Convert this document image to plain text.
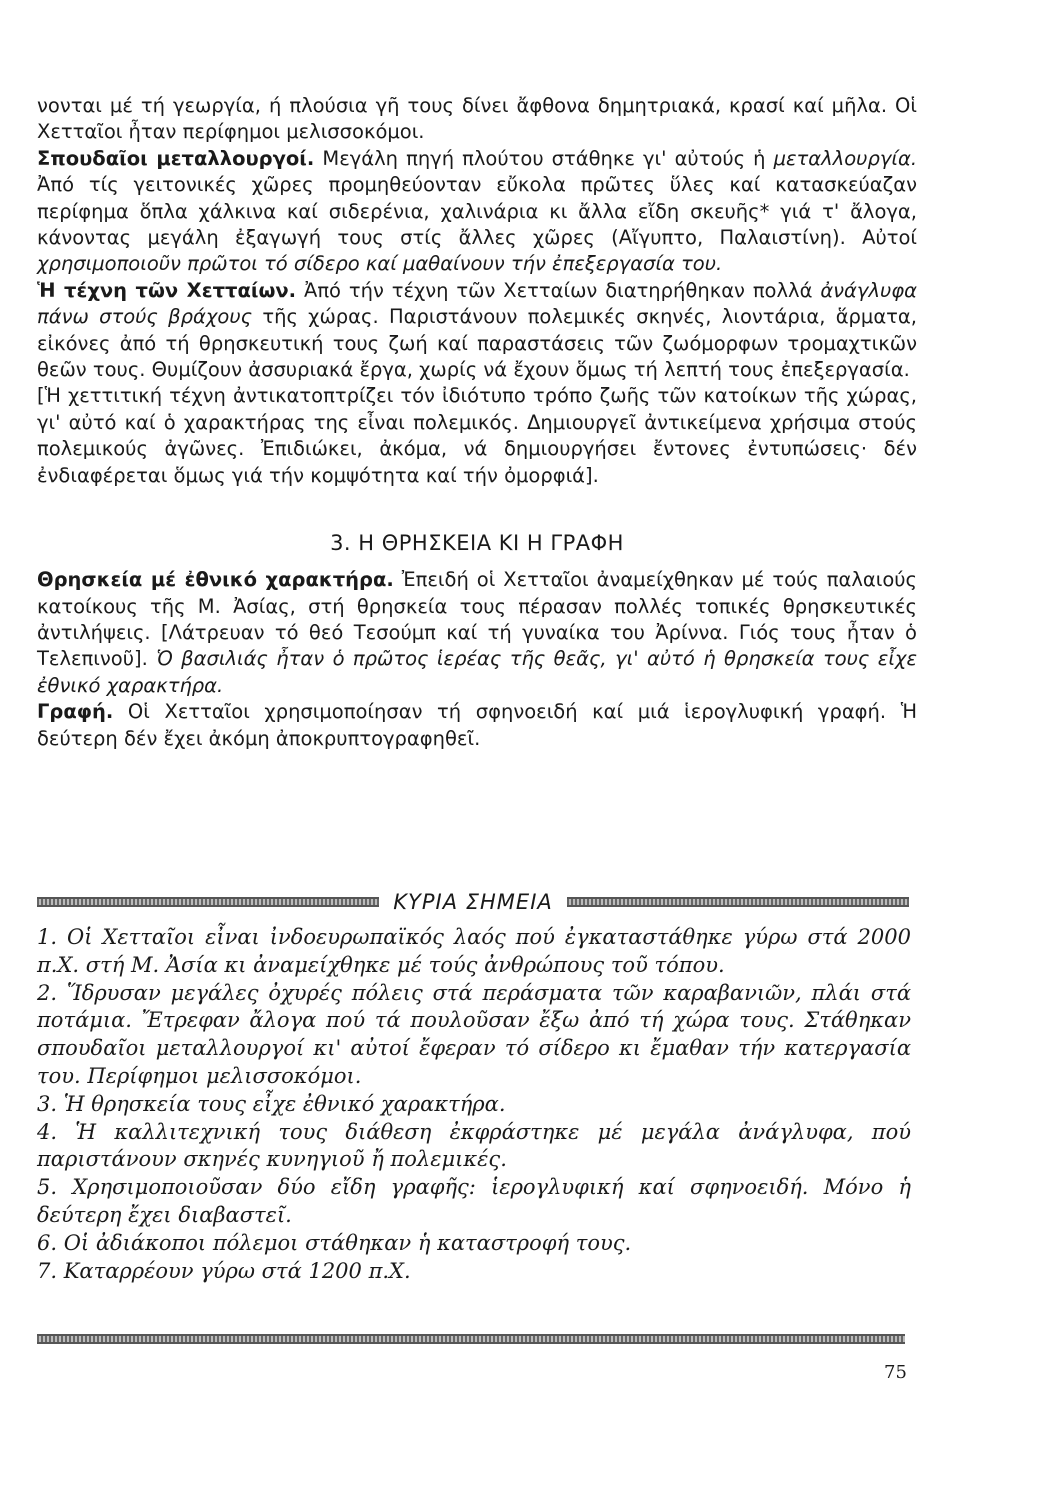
νονται μέ τή γεωργία, ή πλούσια γῆ τους δίνει ἄφθονα δημητριακά, κρασί καί μῆλα. Οἱ Χετταῖοι ἦταν περίφημοι μελισσοκόμοι.

Σπουδαῖοι μεταλλουργοί. Μεγάλη πηγή πλούτου στάθηκε γι' αὐτούς ἡ μεταλλουργία. Ἀπό τίς γειτονικές χῶρες προμηθεύονταν εὔκολα πρῶτες ὕλες καί κατασκεύαζαν περίφημα ὅπλα χάλκινα καί σιδερένια, χαλινάρια κι ἄλλα εἴδη σκευῆς* γιά τ' ἄλογα, κάνοντας μεγάλη ἐξαγωγή τους στίς ἄλλες χῶρες (Αἴγυπτο, Παλαιστίνη). Αὐτοί χρησιμοποιοῦν πρῶτοι τό σίδερο καί μαθαίνουν τήν ἐπεξεργασία του.

Ἡ τέχνη τῶν Χετταίων. Ἀπό τήν τέχνη τῶν Χετταίων διατηρήθηκαν πολλά ἀνάγλυφα πάνω στούς βράχους τῆς χώρας. Παριστάνουν πολεμικές σκηνές, λιοντάρια, ἅρματα, εἰκόνες ἀπό τή θρησκευτική τους ζωή καί παραστάσεις τῶν ζωόμορφων τρομαχτικῶν θεῶν τους. Θυμίζουν ἀσσυριακά ἔργα, χωρίς νά ἔχουν ὅμως τή λεπτή τους ἐπεξεργασία.

[Ἡ χεττιτική τέχνη ἀντικατοπτρίζει τόν ἰδιότυπο τρόπο ζωῆς τῶν κατοίκων τῆς χώρας, γι' αὐτό καί ὁ χαρακτήρας της εἶναι πολεμικός. Δημιουργεῖ ἀντικείμενα χρήσιμα στούς πολεμικούς ἀγῶνες. Ἐπιδιώκει, ἀκόμα, νά δημιουργήσει ἔντονες ἐντυπώσεις· δέν ἐνδιαφέρεται ὅμως γιά τήν κομψότητα καί τήν ὀμορφιά].

3. Η ΘΡΗΣΚΕΙΑ ΚΙ Η ΓΡΑΦΗ

Θρησκεία μέ ἐθνικό χαρακτήρα. Ἐπειδή οἱ Χετταῖοι ἀναμείχθηκαν μέ τούς παλαιούς κατοίκους τῆς Μ. Ἀσίας, στή θρησκεία τους πέρασαν πολλές τοπικές θρησκευτικές ἀντιλήψεις. [Λάτρευαν τό θεό Τεσούμπ καί τή γυναίκα του Ἀρίννα. Γιός τους ἦταν ὁ Τελεπινοῦ]. Ὁ βασιλιάς ἦταν ὁ πρῶτος ἱερέας τῆς θεᾶς, γι' αὐτό ἡ θρησκεία τους εἶχε ἐθνικό χαρακτήρα.

Γραφή. Οἱ Χετταῖοι χρησιμοποίησαν τή σφηνοειδή καί μιά ἱερογλυφική γραφή. Ἡ δεύτερη δέν ἔχει ἀκόμη ἀποκρυπτογραφηθεῖ.

ΚΥΡΙΑ ΣΗΜΕΙΑ
1. Οἱ Χετταῖοι εἶναι ἰνδοευρωπαϊκός λαός πού ἐγκαταστάθηκε γύρω στά 2000 π.Χ. στή Μ. Ἀσία κι ἀναμείχθηκε μέ τούς ἀνθρώπους τοῦ τόπου.
2. Ἵδρυσαν μεγάλες ὀχυρές πόλεις στά περάσματα τῶν καραβανιῶν, πλάι στά ποτάμια. Ἔτρεφαν ἄλογα πού τά πουλοῦσαν ἔξω ἀπό τή χώρα τους. Στάθηκαν σπουδαῖοι μεταλλουργοί κι' αὐτοί ἔφεραν τό σίδερο κι ἔμαθαν τήν κατεργασία του. Περίφημοι μελισσοκόμοι.
3. Ἡ θρησκεία τους εἶχε ἐθνικό χαρακτήρα.
4. Ἡ καλλιτεχνική τους διάθεση ἐκφράστηκε μέ μεγάλα ἀνάγλυφα, πού παριστάνουν σκηνές κυνηγιοῦ ἤ πολεμικές.
5. Χρησιμοποιοῦσαν δύο εἴδη γραφῆς: ἱερογλυφική καί σφηνοειδή. Μόνο ἡ δεύτερη ἔχει διαβαστεῖ.
6. Οἱ ἀδιάκοποι πόλεμοι στάθηκαν ἡ καταστροφή τους.
7. Καταρρέουν γύρω στά 1200 π.Χ.
75
